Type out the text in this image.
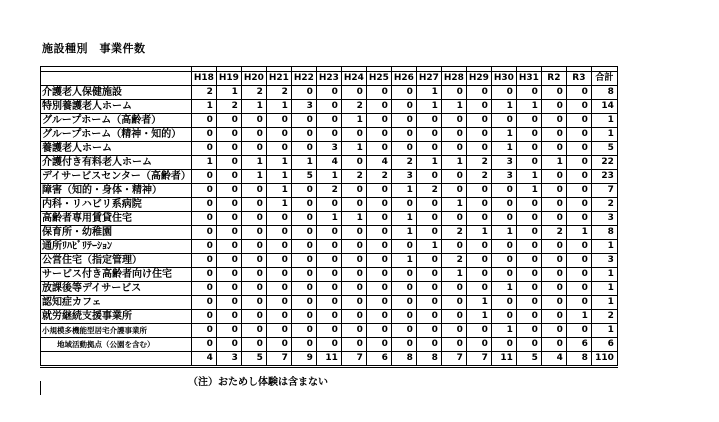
施設種別　事業件数

	H18	H19	H20	H21	H22	H23	H24	H25	H26	H27	H28	H29	H30	H31	R2	R3	合計
介護老人保健施設	2	1	2	2	0	0	0	0	0	1	0	0	0	0	0	0	8
特別養護老人ホーム	1	2	1	1	3	0	2	0	0	1	1	0	1	1	0	0	14
グループホーム（高齢者）	0	0	0	0	0	0	1	0	0	0	0	0	0	0	0	0	1
グループホーム（精神・知的）	0	0	0	0	0	0	0	0	0	0	0	0	1	0	0	0	1
養護老人ホーム	0	0	0	0	0	3	1	0	0	0	0	0	1	0	0	0	5
介護付き有料老人ホーム	1	0	1	1	1	4	0	4	2	1	1	2	3	0	1	0	22
デイサービスセンター（高齢者）	0	0	1	1	5	1	2	2	3	0	0	2	3	1	0	0	23
障害（知的・身体・精神）	0	0	0	1	0	2	0	0	1	2	0	0	0	1	0	0	7
内科・リハビリ系病院	0	0	0	1	0	0	0	0	0	0	1	0	0	0	0	0	2
高齢者専用賃貸住宅	0	0	0	0	0	1	1	0	1	0	0	0	0	0	0	0	3
保育所・幼稚園	0	0	0	0	0	0	0	0	1	0	2	1	1	0	2	1	8
通所ﾘﾊﾋﾞﾘﾃｰｼｮﾝ	0	0	0	0	0	0	0	0	0	1	0	0	0	0	0	0	1
公営住宅（指定管理）	0	0	0	0	0	0	0	0	1	0	2	0	0	0	0	0	3
サービス付き高齢者向け住宅	0	0	0	0	0	0	0	0	0	0	1	0	0	0	0	0	1
放課後等デイサービス	0	0	0	0	0	0	0	0	0	0	0	0	1	0	0	0	1
認知症カフェ	0	0	0	0	0	0	0	0	0	0	0	1	0	0	0	0	1
就労継続支援事業所	0	0	0	0	0	0	0	0	0	0	0	1	0	0	0	1	2
小規模多機能型居宅介護事業所	0	0	0	0	0	0	0	0	0	0	0	0	1	0	0	0	1
地域活動拠点（公園を含む）	0	0	0	0	0	0	0	0	0	0	0	0	0	0	0	6	6
	4	3	5	7	9	11	7	6	8	8	7	7	11	5	4	8	110
（注）おためし体験は含まない
